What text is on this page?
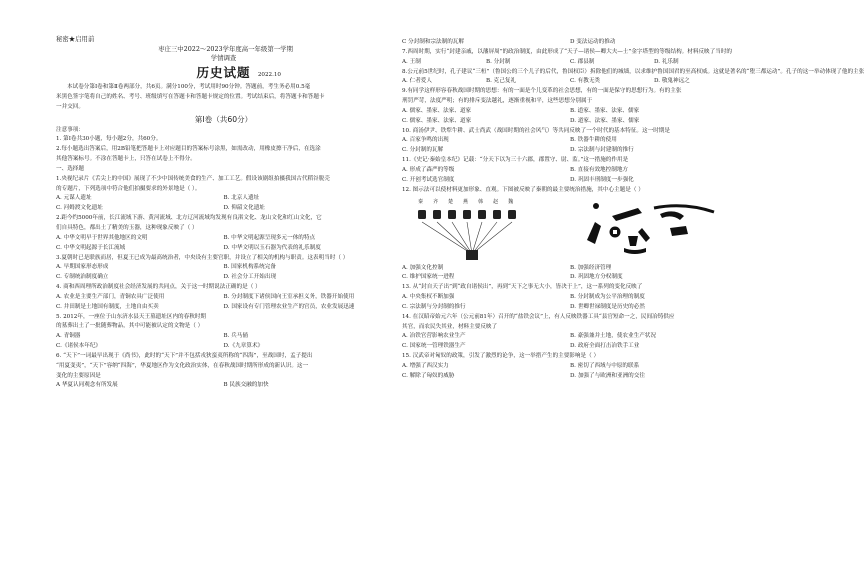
秘密★启用前
枣庄三中2022～2023学年度高一年级第一学期
学情调查
历史试题 2022.10
本试卷分第Ⅰ卷和第Ⅱ卷两部分，共6页。满分100分，考试用时90分钟。答题前，考生务必用0.5毫
米黑色签字笔将自己的姓名、考号、班级填写在答题卡和答题卡规定的位置。考试结束后，将答题卡和答题卡
一并交回。
第Ⅰ卷（共60分）
注意事项：
1. 第Ⅰ卷共30小题，每小题2分，共60分。
2.每小题选出答案后，用2B铅笔把答题卡上对应题目的答案标号涂黑，如需改动，用橡皮擦干净后，在选涂
其他答案标号。不涂在答题卡上，只答在试卷上不得分。
一、选择题
1.央视纪录片《舌尖上的中国》展现了不少中国传统美食的生产、加工工艺。假设该剧组拍摄我国古代稻谷脱壳
的专题片，下列选项中符合他们拍摄要求的外景地是（ ）。
A. 元谋人遗址	B. 北京人遗址
C. 河姆渡文化遗址	D. 仰韶文化遗址
2.距今约5000年前，长江流域下游、黄河流域、北方辽河流域均发现有良渚文化、龙山文化和红山文化，它
们自具特色，都出土了精美的玉器，这种现象反映了（ ）
A. 中华文明早于世界其他地区的文明	B. 中华文明起源呈现多元一体的特点
C. 中华文明起源于长江流域	D. 中华文明以玉石器为代表的礼乐制度
3.夏朝时已是联族而居，但夏王已成为最高统治者，中央设有主要官职，并设立了相关的机构与职责。这表明当时（ ）
A. 早期国家形态形成	B. 国家机构系统完备
C. 专制统治制度确立	D. 社会分工开始出现
4. 商和西周理所政治制度社会经济发展的共同点，关于这一时期说法正确的是（ ）
A. 农业是主要生产部门，青铜农具广泛使用	B. 分封制度下诸侯国向王室承担义务，铁器开始使用
C. 井田制是土地国有制度，土地自由买卖	D. 国家设有专门管理农业生产的官员，农业发展迅速
5. 2012年，一座位于山东济水县天王墓遗址区内的春秋时期
的墓葬出土了一批随葬物品，其中可能被认定的文物是（ ）
A. 青铜器	B. 兵马俑
C.《诸侯本年纪》	D.《九章算术》
6. “天下”一词最早出现于《尚书》，此时的“天下”并不包括戎狄蛮夷所称的“四海”，至战国时，孟子提出
“用夏变夷”，“天下”容纳“四海”，华夏地区作为文化政治实体，在春秋战国时期所形成的新认识。这一
变化的主要原因是
A 华夏认同观念有所发展	B 民族交融的加快
C 分封制和宗法制的瓦解	D 变法运动的推动
7.西周时期，实行“封建亲戚，以藩屏周”的政治制度，由此形成了“天子—诸侯—卿大夫—士”金字塔型的等级结构。材料反映了当时的
A. 王制	B. 分封制	C. 郡县制	D. 礼乐制
8.公元前5世纪时，孔子建议“三桓”（鲁国公的三个儿子的后代，鲁国权臣）拆除他们的城墙，以求维护鲁国国君的至高权威。这就是著名的“堕三都运动”。孔子的这一举动体现了他的主张
A. 仁者爱人	B. 克己复礼	C. 有教无类	D. 敬鬼神远之
9.有同学这样形容春秋战国时期的思想：有的一面是个儿变革的社会思想，有的一面是保守的思想行为。有的主张
刑罚严苛，法度严明；有的排斥变法越礼，逐渐重视和平，这些思想分别属于
A. 儒家、墨家、法家、道家	B. 道家、墨家、法家、儒家
C. 儒家、墨家、法家、道家	D. 道家、法家、墨家、儒家
10. 商汤伊尹、铁犁牛耕、武士尚武（战国时期的社会风气）等共同反映了一个时代的基本特征。这一时期是
A. 百家争鸣的出现	B. 铁器牛耕的使用
C. 分封制的瓦解	D. 宗法制与封建制的推行
11.《史记·秦始皇本纪》记载：“分天下以为三十六郡，郡置守、尉、监。”这一措施的作用是
A. 形成了森严的等级	B. 直接有效地控制地方
C. 开创考试选官制度	D. 巩固丰刑制度一步强化
12. 图示法可以使材料更加形象、直观。下图被反映了秦朝的最主要统治措施，其中心主题是（ ）
秦 齐 楚 燕 韩 赵 魏
A. 加强文化控制	B. 加强经济管理
C. 维护国家统一进程	D. 巩固地方分权制度
13. 从“封自天子出”到“政自诸侯出”，再到“天下之事无大小，皆决于上”，这一系列的变化反映了
A. 中央集权不断加强	B. 分封制成为公平治理的制度
C. 宗法制与分封制的推行	D. 世卿世禄制度是历史的必然
14. 在汉昭帝始元六年（公元前81年）召开的“盐铁会议”上，有人反映铁器工具“县官短命一之，民间冶铸供应
其官，而农民失其业，材料主要反映了
A. 冶铁官营影响农业生产	B. 豪强兼并土地，使农业生产状况
C. 国家统一管理铁器生产	D. 政府全面打击冶铁手工业
15. 汉武帝对匈奴的政策，引发了激烈的论争，这一举措产生的主要影响是（ ）
A. 增强了西汉实力	B. 密切了西域与中原的联系
C. 解除了匈奴的威胁	D. 加强了与欧洲和亚洲的交往
